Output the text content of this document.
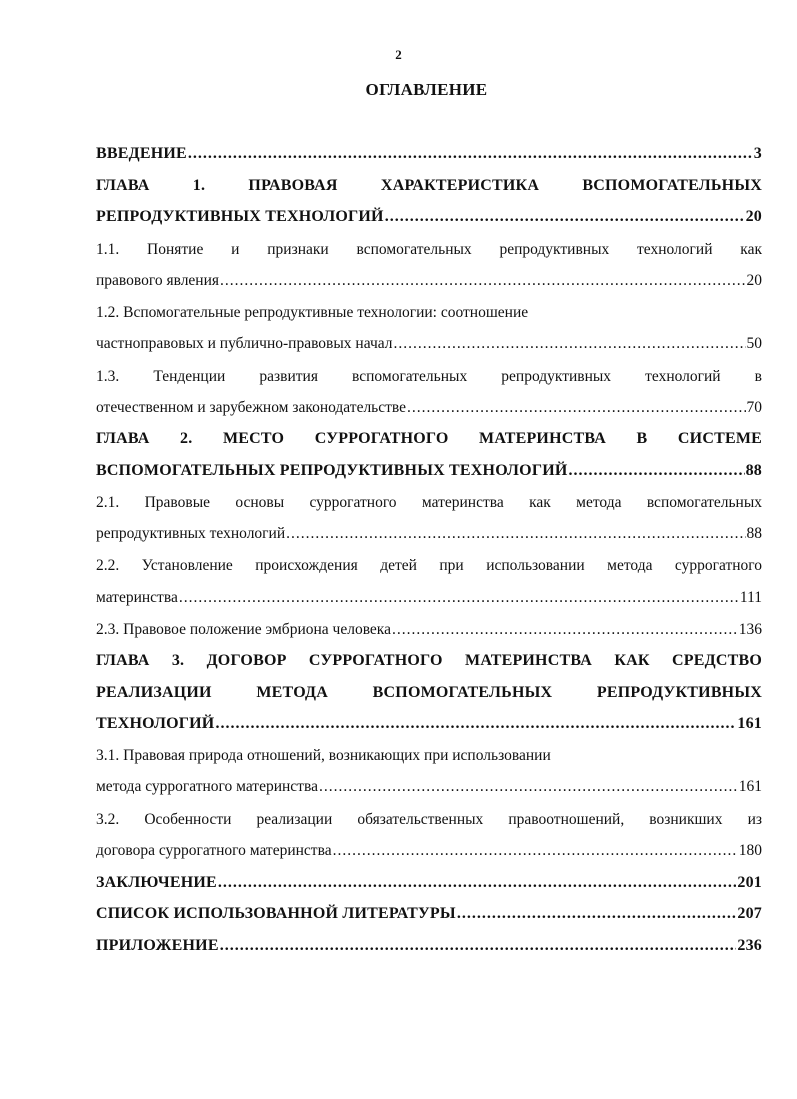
2
ОГЛАВЛЕНИЕ
ВВЕДЕНИЕ .....	3
ГЛАВА 1. ПРАВОВАЯ ХАРАКТЕРИСТИКА ВСПОМОГАТЕЛЬНЫХ
РЕПРОДУКТИВНЫХ ТЕХНОЛОГИЙ .....	20
1.1. Понятие и признаки вспомогательных репродуктивных технологий как
правового явления .....	20
1.2. Вспомогательные репродуктивные технологии: соотношение
частноправовых и публично-правовых начал .....	50
1.3. Тенденции развития вспомогательных репродуктивных технологий в
отечественном и зарубежном законодательстве .....	70
ГЛАВА 2. МЕСТО СУРРОГАТНОГО МАТЕРИНСТВА В СИСТЕМЕ
ВСПОМОГАТЕЛЬНЫХ РЕПРОДУКТИВНЫХ ТЕХНОЛОГИЙ .....	88
2.1. Правовые основы суррогатного материнства как метода вспомогательных
репродуктивных технологий .....	88
2.2. Установление происхождения детей при использовании метода суррогатного
материнства .....	111
2.3. Правовое положение эмбриона человека .....	136
ГЛАВА 3. ДОГОВОР СУРРОГАТНОГО МАТЕРИНСТВА КАК СРЕДСТВО
РЕАЛИЗАЦИИ МЕТОДА ВСПОМОГАТЕЛЬНЫХ РЕПРОДУКТИВНЫХ
ТЕХНОЛОГИЙ .....	161
3.1. Правовая природа отношений, возникающих при использовании
метода суррогатного материнства .....	161
3.2. Особенности реализации обязательственных правоотношений, возникших из
договора суррогатного материнства .....	180
ЗАКЛЮЧЕНИЕ .....	201
СПИСОК ИСПОЛЬЗОВАННОЙ ЛИТЕРАТУРЫ .....	207
ПРИЛОЖЕНИЕ .....	236
